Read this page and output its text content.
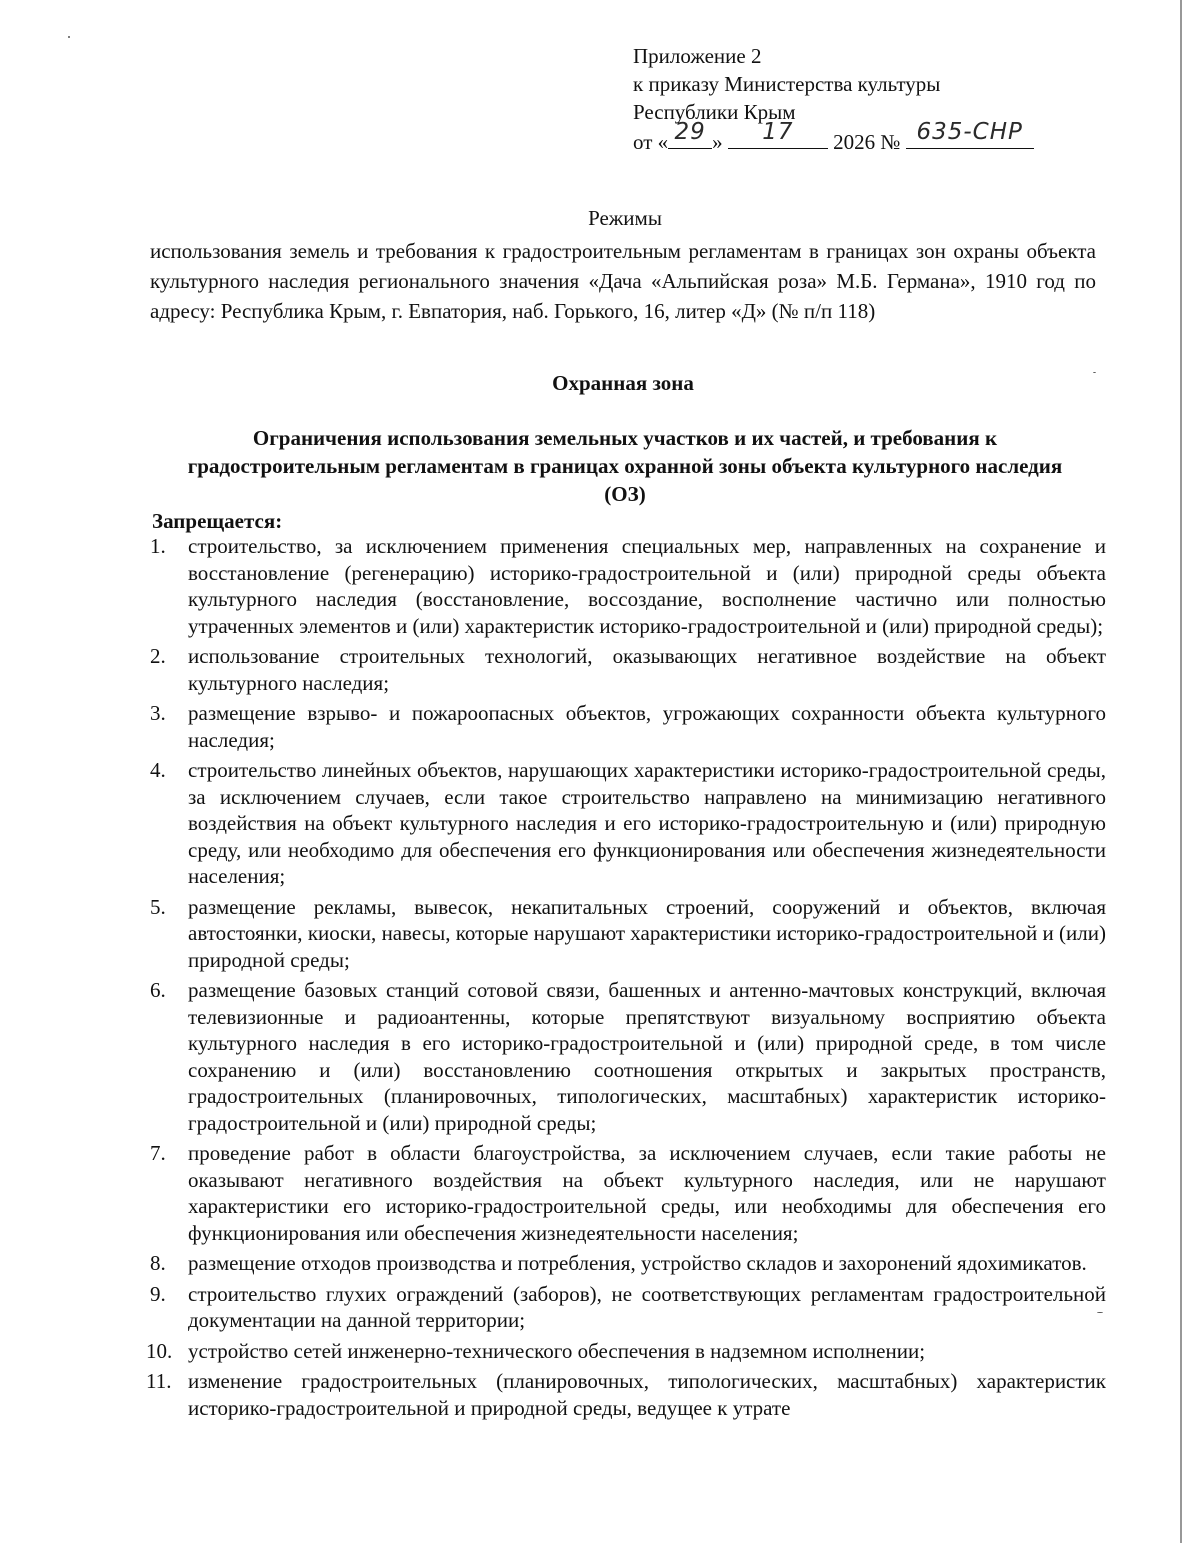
Приложение 2
к приказу Министерства культуры
Республики Крым
от « 29 »	17	2026 № 635-СНР
Режимы
использования земель и требования к градостроительным регламентам в границах зон охраны объекта культурного наследия регионального значения «Дача «Альпийская роза» М.Б. Германа», 1910 год по адресу: Республика Крым, г. Евпатория, наб. Горького, 16, литер «Д» (№ п/п 118)
Охранная зона
Ограничения использования земельных участков и их частей, и требования к градостроительным регламентам в границах охранной зоны объекта культурного наследия (ОЗ)
Запрещается:
1.	строительство, за исключением применения специальных мер, направленных на сохранение и восстановление (регенерацию) историко-градостроительной и (или) природной среды объекта культурного наследия (восстановление, воссоздание, восполнение частично или полностью утраченных элементов и (или) характеристик историко-градостроительной и (или) природной среды);
2.	использование строительных технологий, оказывающих негативное воздействие на объект культурного наследия;
3.	размещение взрыво- и пожароопасных объектов, угрожающих сохранности объекта культурного наследия;
4.	строительство линейных объектов, нарушающих характеристики историко-градостроительной среды, за исключением случаев, если такое строительство направлено на минимизацию негативного воздействия на объект культурного наследия и его историко-градостроительную и (или) природную среду, или необходимо для обеспечения его функционирования или обеспечения жизнедеятельности населения;
5.	размещение рекламы, вывесок, некапитальных строений, сооружений и объектов, включая автостоянки, киоски, навесы, которые нарушают характеристики историко-градостроительной и (или) природной среды;
6.	размещение базовых станций сотовой связи, башенных и антенно-мачтовых конструкций, включая телевизионные и радиоантенны, которые препятствуют визуальному восприятию объекта культурного наследия в его историко-градостроительной и (или) природной среде, в том числе сохранению и (или) восстановлению соотношения открытых и закрытых пространств, градостроительных (планировочных, типологических, масштабных) характеристик историко-градостроительной и (или) природной среды;
7.	проведение работ в области благоустройства, за исключением случаев, если такие работы не оказывают негативного воздействия на объект культурного наследия, или не нарушают характеристики его историко-градостроительной среды, или необходимы для обеспечения его функционирования или обеспечения жизнедеятельности населения;
8.	размещение отходов производства и потребления, устройство складов и захоронений ядохимикатов.
9.	строительство глухих ограждений (заборов), не соответствующих регламентам градостроительной документации на данной территории;
10. устройство сетей инженерно-технического обеспечения в надземном исполнении;
11. изменение градостроительных (планировочных, типологических, масштабных) характеристик историко-градостроительной и природной среды, ведущее к утрате
